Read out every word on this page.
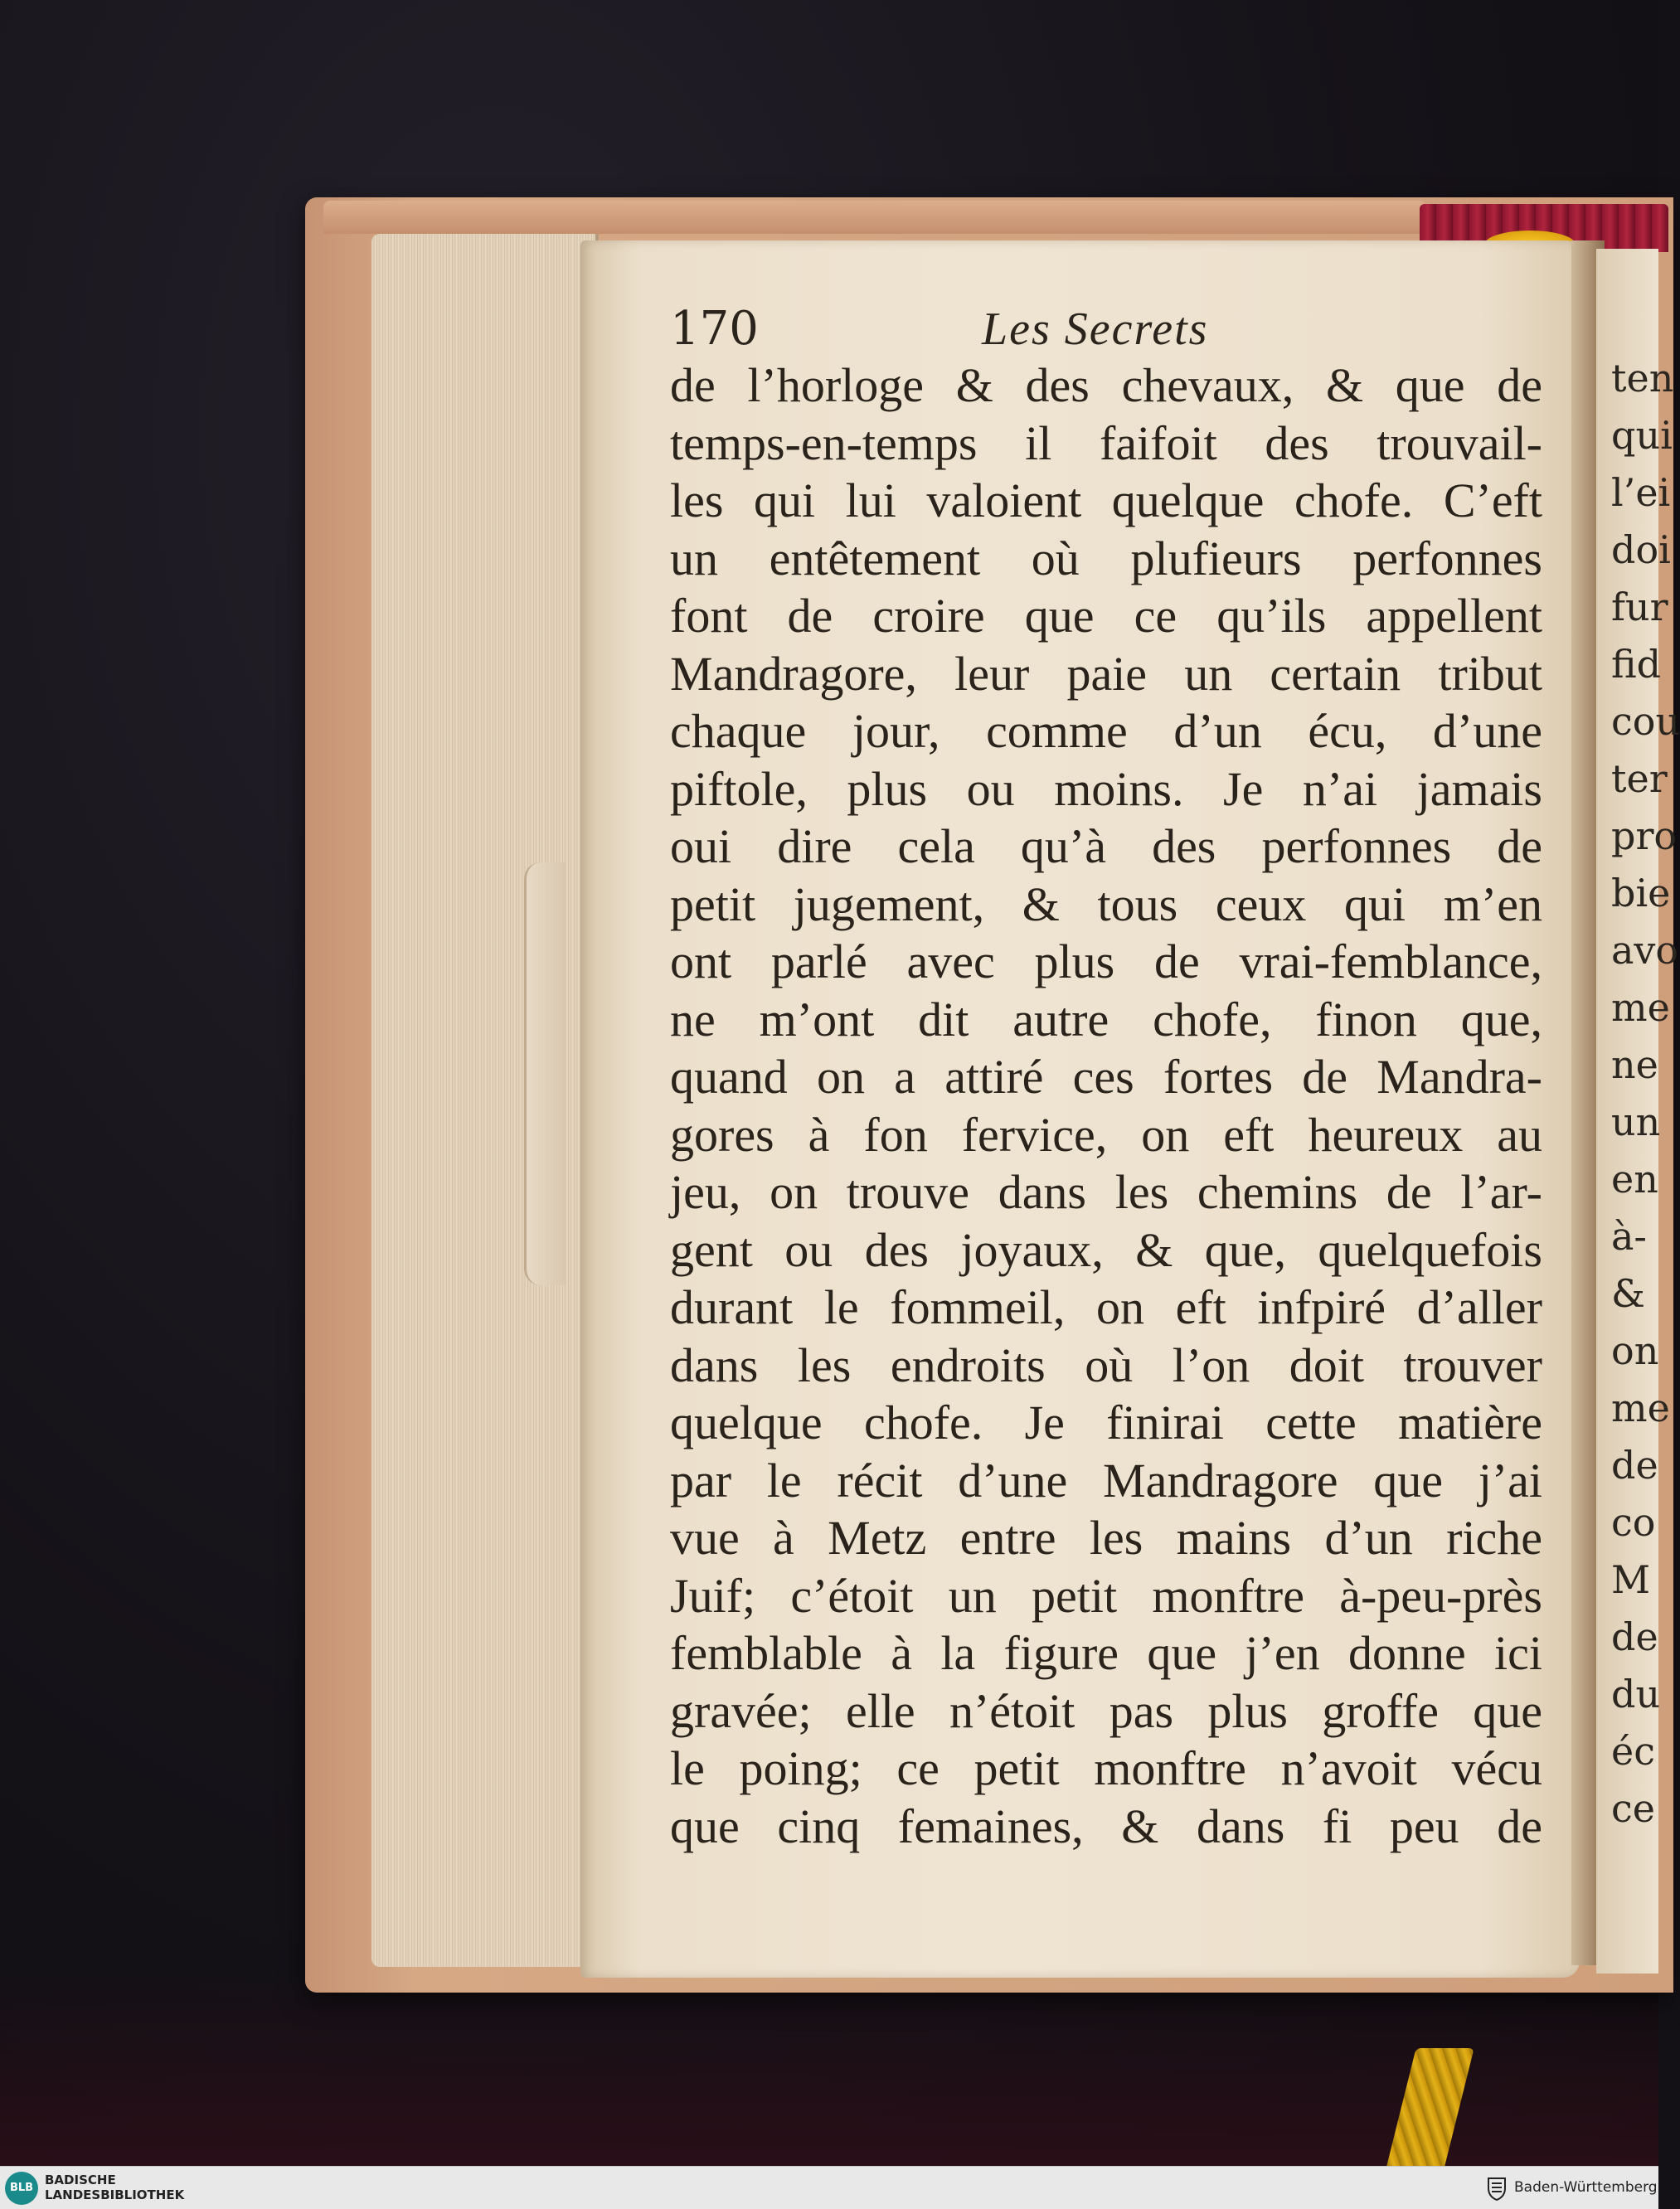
ten
qui
l’ei
doi
fur
fid
cou
ter
pro
bie
avo
me
ne
un
en
à-
&
on
me
de
co
M
de
du
éc
ce
170	Les Secrets
de l’horloge & des chevaux, & que de
temps-en-temps il faifoit des trouvail-
les qui lui valoient quelque chofe. C’eft
un entêtement où plufieurs perfonnes
font de croire que ce qu’ils appellent
Mandragore, leur paie un certain tribut
chaque jour, comme d’un écu, d’une
piftole, plus ou moins. Je n’ai jamais
oui dire cela qu’à des perfonnes de
petit jugement, & tous ceux qui m’en
ont parlé avec plus de vrai-femblance,
ne m’ont dit autre chofe, finon que,
quand on a attiré ces fortes de Mandra-
gores à fon fervice, on eft heureux au
jeu, on trouve dans les chemins de l’ar-
gent ou des joyaux, & que, quelquefois
durant le fommeil, on eft infpiré d’aller
dans les endroits où l’on doit trouver
quelque chofe. Je finirai cette matière
par le récit d’une Mandragore que j’ai
vue à Metz entre les mains d’un riche
Juif; c’étoit un petit monftre à-peu-près
femblable à la figure que j’en donne ici
gravée; elle n’étoit pas plus groffe que
le poing; ce petit monftre n’avoit vécu
que cinq femaines, & dans fi peu de
BLB
BADISCHE
LANDESBIBLIOTHEK	Baden-Württemberg
